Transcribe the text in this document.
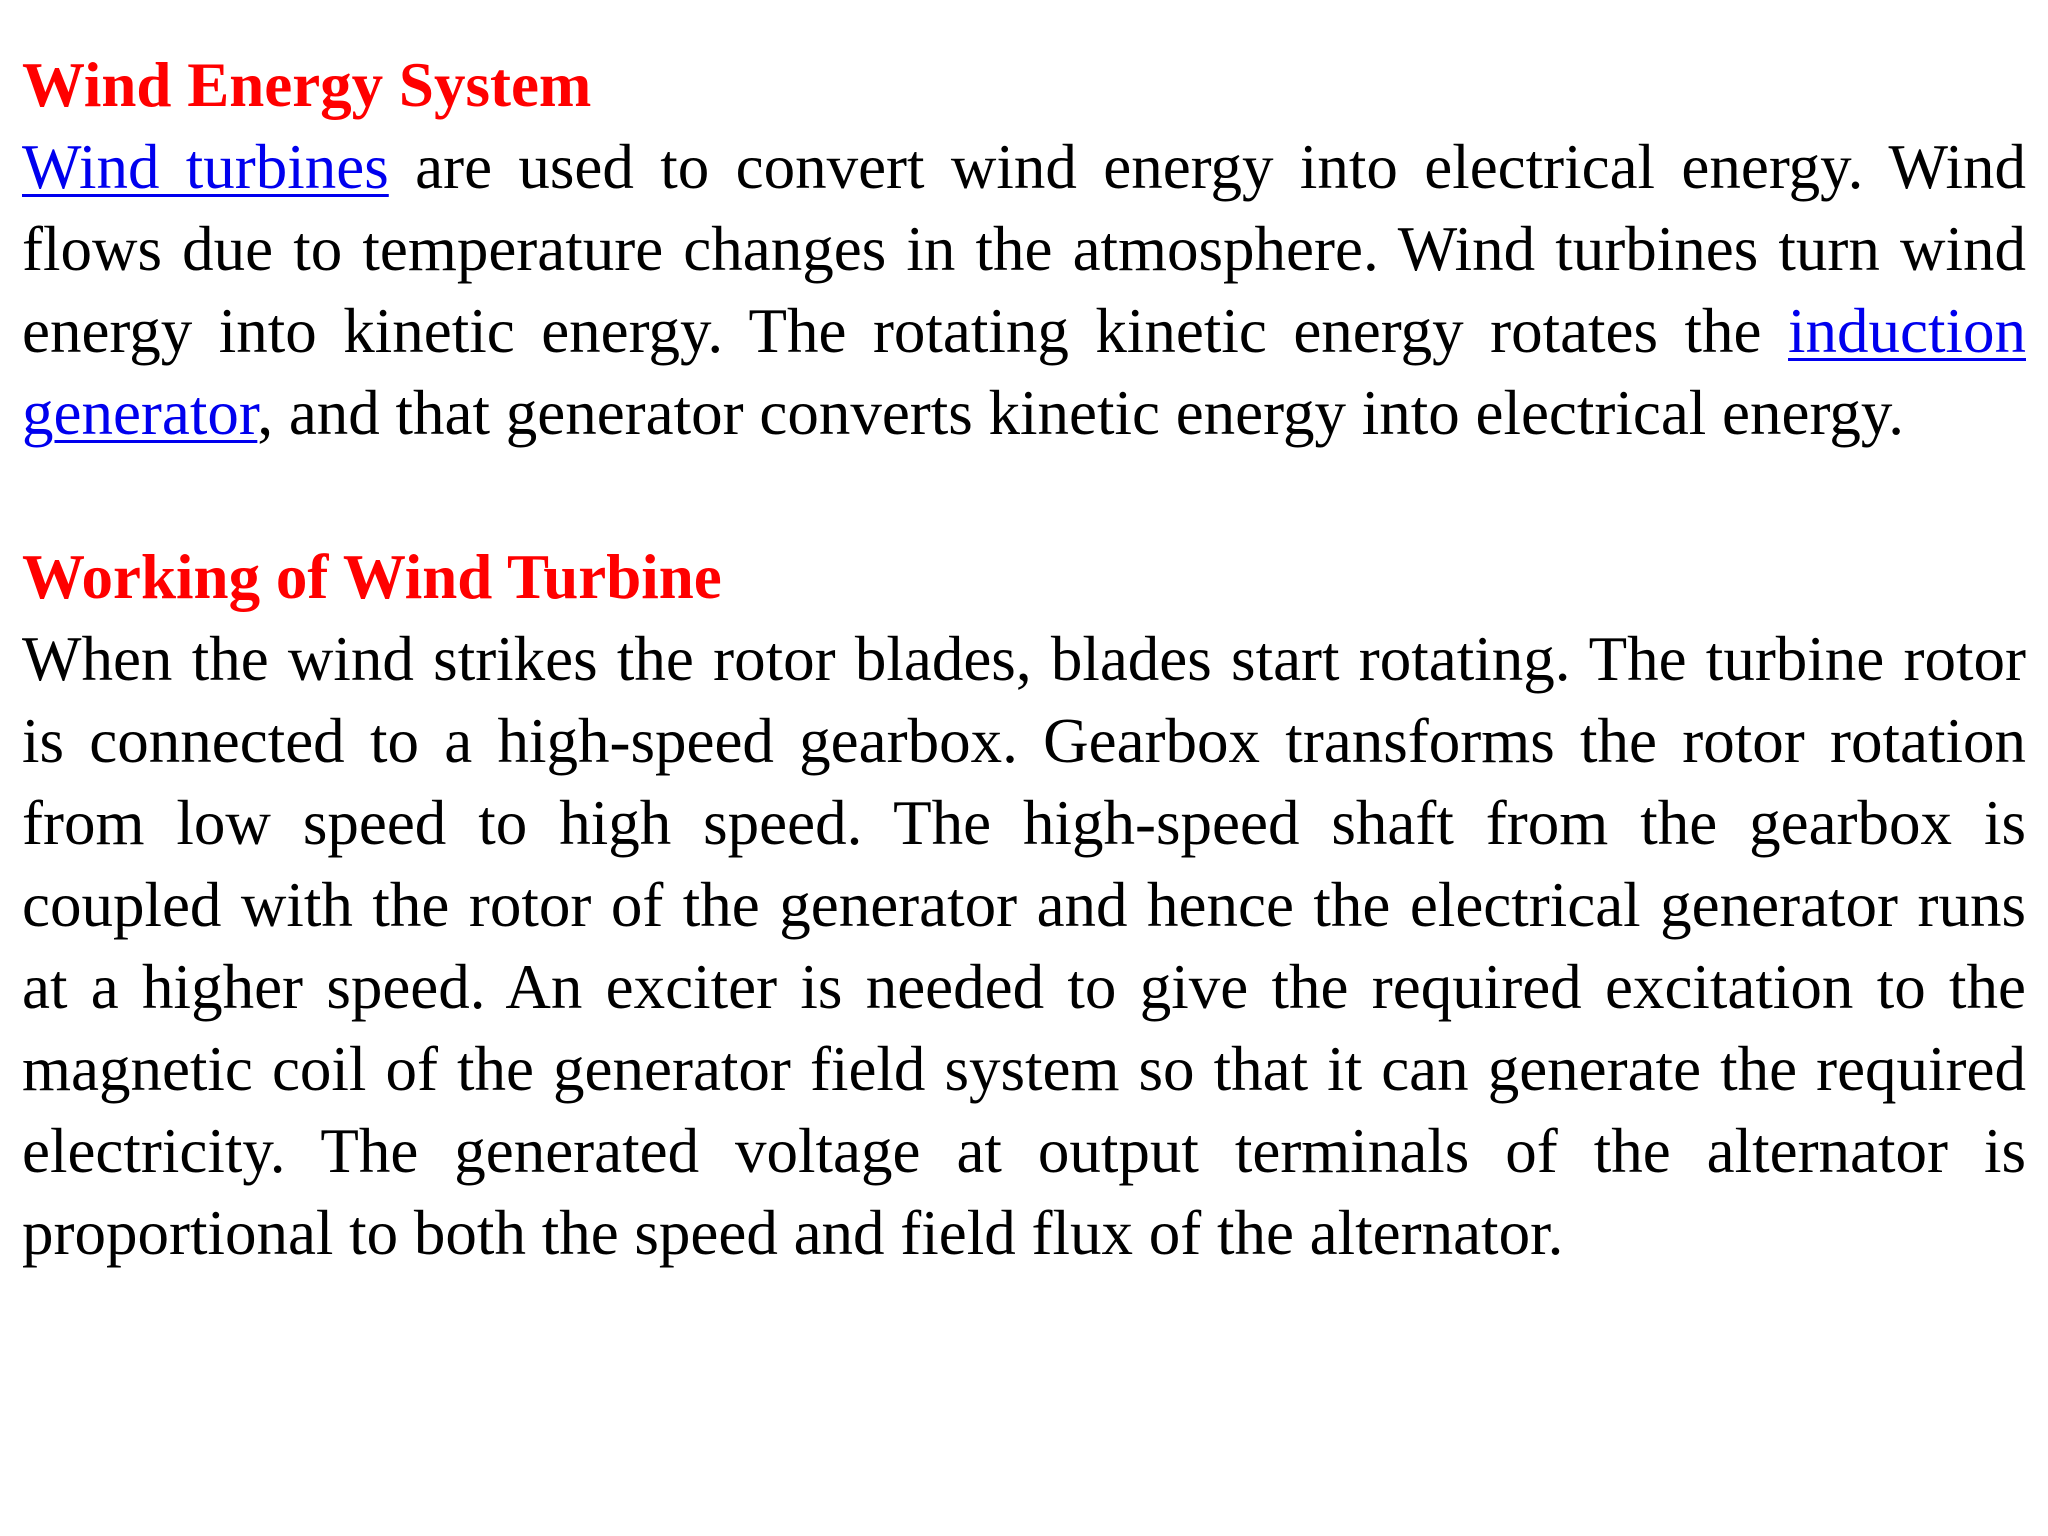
Wind Energy System

Wind turbines are used to convert wind energy into electrical energy. Wind flows due to temperature changes in the atmosphere. Wind turbines turn wind energy into kinetic energy. The rotating kinetic energy rotates the induction generator, and that generator converts kinetic energy into electrical energy.

Working of Wind Turbine

When the wind strikes the rotor blades, blades start rotating. The turbine rotor is connected to a high-speed gearbox. Gearbox transforms the rotor rotation from low speed to high speed. The high-speed shaft from the gearbox is coupled with the rotor of the generator and hence the electrical generator runs at a higher speed. An exciter is needed to give the required excitation to the magnetic coil of the generator field system so that it can generate the required electricity. The generated voltage at output terminals of the alternator is proportional to both the speed and field flux of the alternator.
